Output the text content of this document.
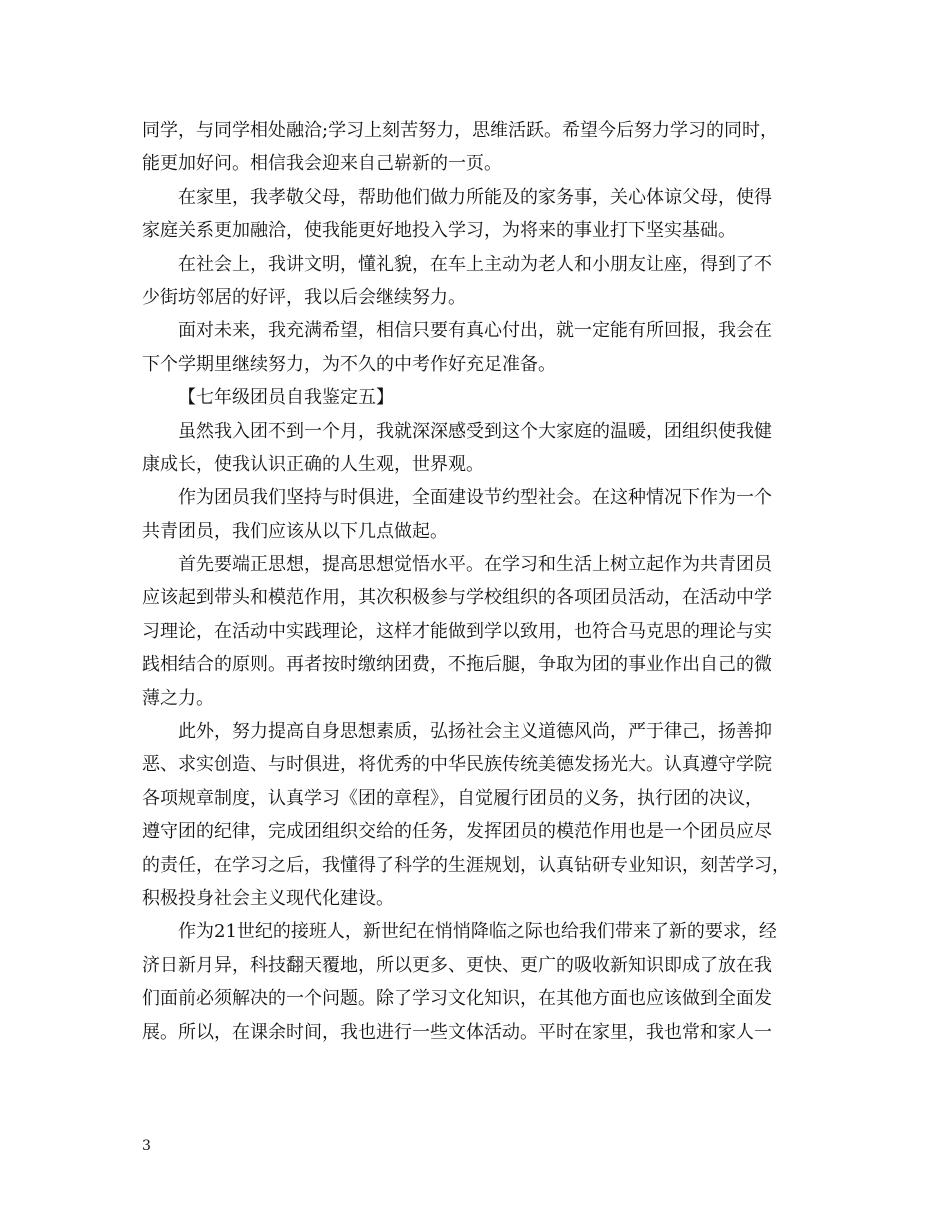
同学，与同学相处融洽;学习上刻苦努力，思维活跃。希望今后努力学习的同时，
能更加好问。相信我会迎来自己崭新的一页。
在家里，我孝敬父母，帮助他们做力所能及的家务事，关心体谅父母，使得
家庭关系更加融洽，使我能更好地投入学习，为将来的事业打下坚实基础。
在社会上，我讲文明，懂礼貌，在车上主动为老人和小朋友让座，得到了不
少街坊邻居的好评，我以后会继续努力。
面对未来，我充满希望，相信只要有真心付出，就一定能有所回报，我会在
下个学期里继续努力，为不久的中考作好充足准备。
【七年级团员自我鉴定五】
虽然我入团不到一个月，我就深深感受到这个大家庭的温暖，团组织使我健
康成长，使我认识正确的人生观，世界观。
作为团员我们坚持与时俱进，全面建设节约型社会。在这种情况下作为一个
共青团员，我们应该从以下几点做起。
首先要端正思想，提高思想觉悟水平。在学习和生活上树立起作为共青团员
应该起到带头和模范作用，其次积极参与学校组织的各项团员活动，在活动中学
习理论，在活动中实践理论，这样才能做到学以致用，也符合马克思的理论与实
践相结合的原则。再者按时缴纳团费，不拖后腿，争取为团的事业作出自己的微
薄之力。
此外，努力提高自身思想素质，弘扬社会主义道德风尚，严于律己，扬善抑
恶、求实创造、与时俱进，将优秀的中华民族传统美德发扬光大。认真遵守学院
各项规章制度，认真学习《团的章程》，自觉履行团员的义务，执行团的决议，
遵守团的纪律，完成团组织交给的任务，发挥团员的模范作用也是一个团员应尽
的责任，在学习之后，我懂得了科学的生涯规划，认真钻研专业知识，刻苦学习，
积极投身社会主义现代化建设。
作为21世纪的接班人，新世纪在悄悄降临之际也给我们带来了新的要求，经
济日新月异，科技翻天覆地，所以更多、更快、更广的吸收新知识即成了放在我
们面前必须解决的一个问题。除了学习文化知识，在其他方面也应该做到全面发
展。所以，在课余时间，我也进行一些文体活动。平时在家里，我也常和家人一
3
